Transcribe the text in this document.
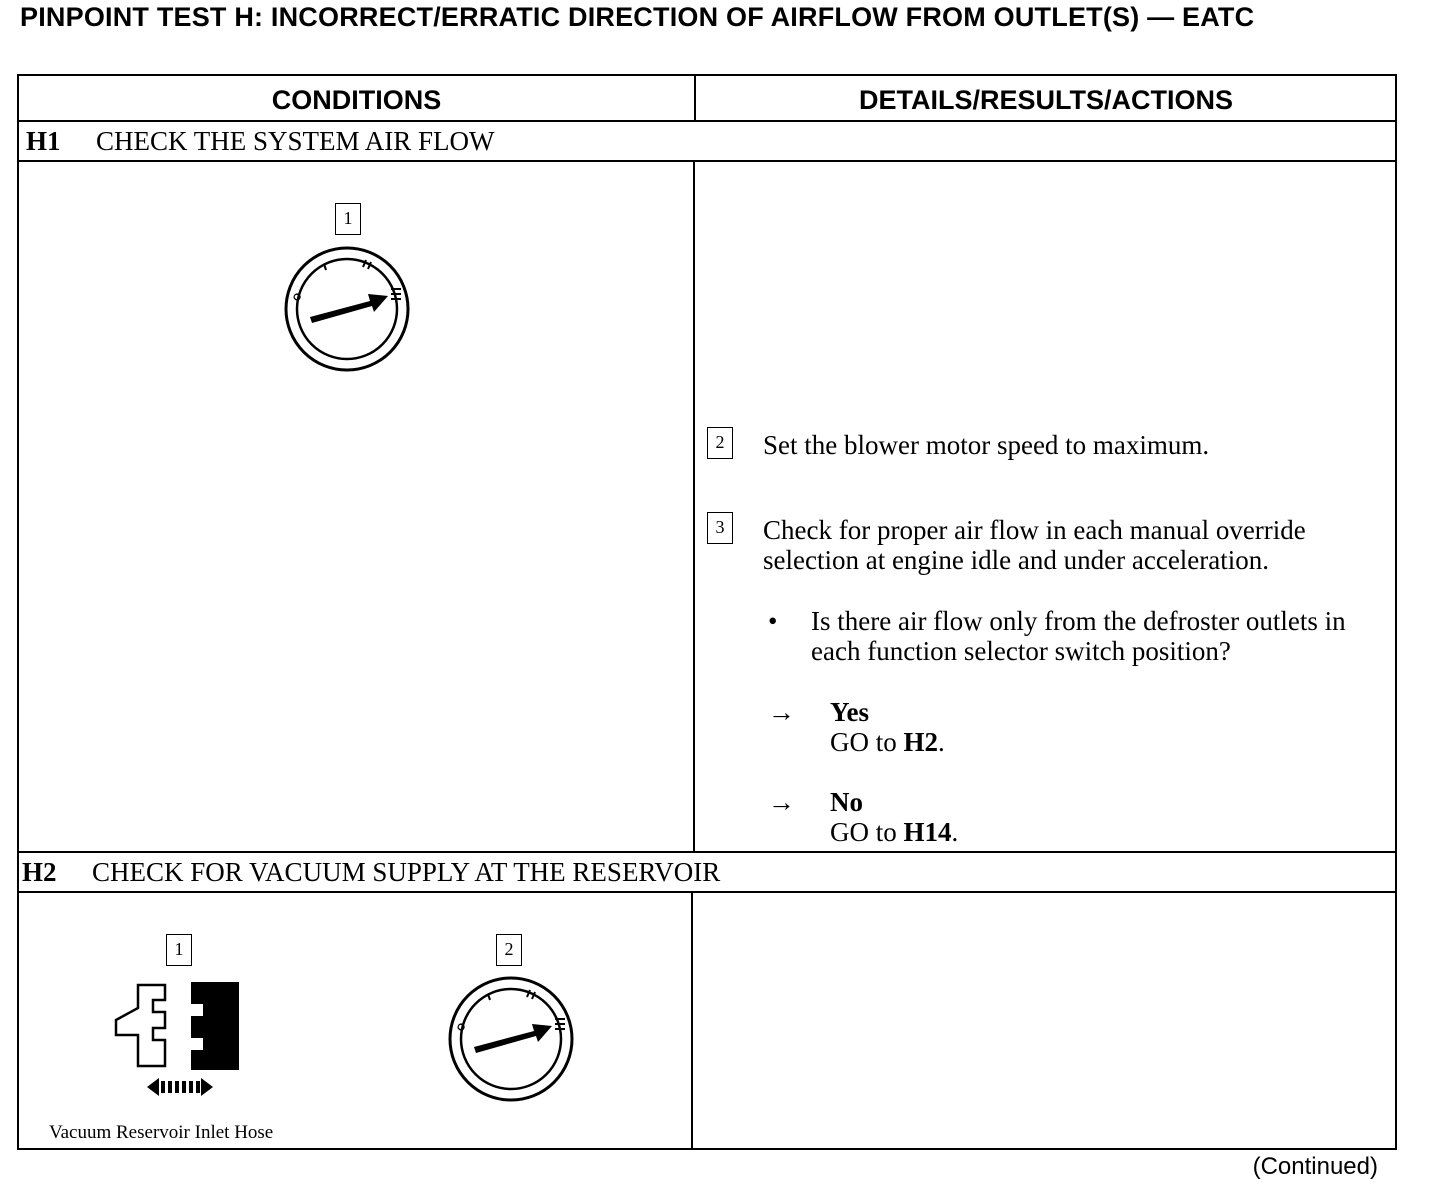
PINPOINT TEST H: INCORRECT/ERRATIC DIRECTION OF AIRFLOW FROM OUTLET(S) — EATC
CONDITIONS	DETAILS/RESULTS/ACTIONS
H1 CHECK THE SYSTEM AIR FLOW
1
O
2	Set the blower motor speed to maximum.
3	Check for proper air flow in each manual override selection at engine idle and under acceleration.
• Is there air flow only from the defroster outlets in each function selector switch position?
→ Yes
GO to H2.
→ No
GO to H14.
H2 CHECK FOR VACUUM SUPPLY AT THE RESERVOIR
1
Vacuum Reservoir Inlet Hose
2
O
(Continued)
